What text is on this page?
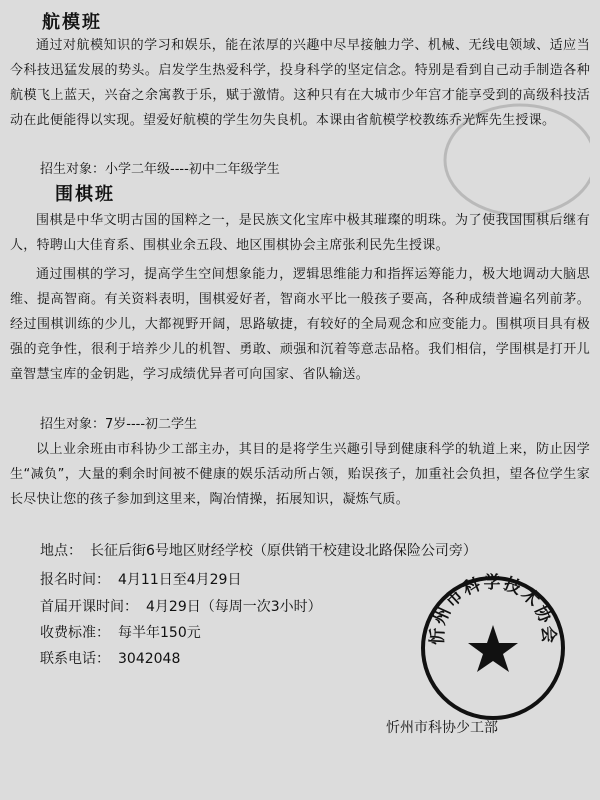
航模班
通过对航模知识的学习和娱乐，能在浓厚的兴趣中尽早接触力学、机械、无线电领域、适应当今科技迅猛发展的势头。启发学生热爱科学，投身科学的坚定信念。特别是看到自己动手制造各种航模飞上蓝天，兴奋之余寓教于乐，赋于激情。这种只有在大城市少年宫才能享受到的高级科技活动在此便能得以实现。望爱好航模的学生勿失良机。本课由省航模学校教练乔光辉先生授课。
招生对象：小学二年级----初中二年级学生
围棋班
围棋是中华文明古国的国粹之一，是民族文化宝库中极其璀璨的明珠。为了使我国围棋后继有人，特聘山大佳育系、围棋业余五段、地区围棋协会主席张利民先生授课。
通过围棋的学习，提高学生空间想象能力，逻辑思维能力和指挥运筹能力，极大地调动大脑思维、提高智商。有关资料表明，围棋爱好者，智商水平比一般孩子要高，各种成绩普遍名列前茅。经过围棋训练的少儿，大都视野开阔，思路敏捷，有较好的全局观念和应变能力。围棋项目具有极强的竞争性，很利于培养少儿的机智、勇敢、顽强和沉着等意志品格。我们相信，学围棋是打开儿童智慧宝库的金钥匙，学习成绩优异者可向国家、省队输送。
招生对象：7岁----初二学生
以上业余班由市科协少工部主办，其目的是将学生兴趣引导到健康科学的轨道上来，防止因学生“减负”，大量的剩余时间被不健康的娱乐活动所占领，贻误孩子，加重社会负担，望各位学生家长尽快让您的孩子参加到这里来，陶冶情操，拓展知识，凝炼气质。
地点： 长征后街6号地区财经学校（原供销干校建设北路保险公司旁）
报名时间： 4月11日至4月29日
首届开课时间： 4月29日（每周一次3小时）
收费标准： 每半年150元
联系电话： 3042048
忻州市科学技术协会
忻州市科协少工部
